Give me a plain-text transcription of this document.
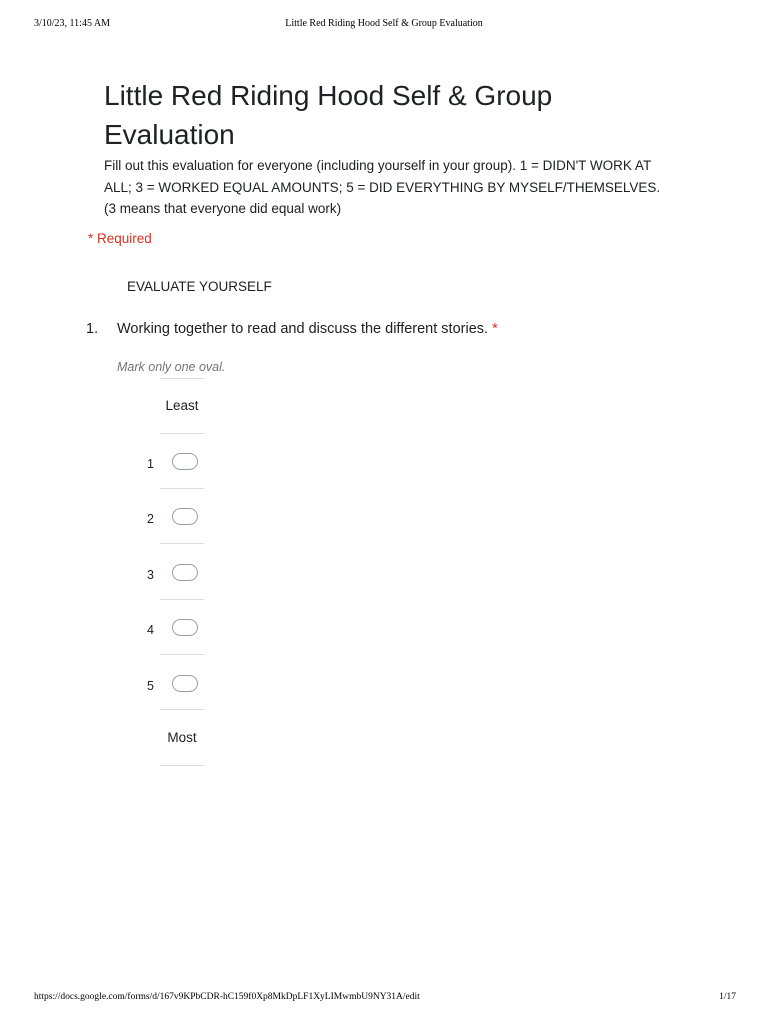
3/10/23, 11:45 AM	Little Red Riding Hood Self & Group Evaluation
Little Red Riding Hood Self & Group Evaluation

Fill out this evaluation for everyone (including yourself in your group). 1 = DIDN'T WORK AT ALL; 3 = WORKED EQUAL AMOUNTS; 5 = DID EVERYTHING BY MYSELF/THEMSELVES. (3 means that everyone did equal work)

* Required
EVALUATE YOURSELF
1. Working together to read and discuss the different stories. *
Mark only one oval.
Least
1
2
3
4
5
Most
https://docs.google.com/forms/d/167v9KPbCDR-hC159f0Xp8MkDpLF1XyLIMwmbU9NY31A/edit	1/17
